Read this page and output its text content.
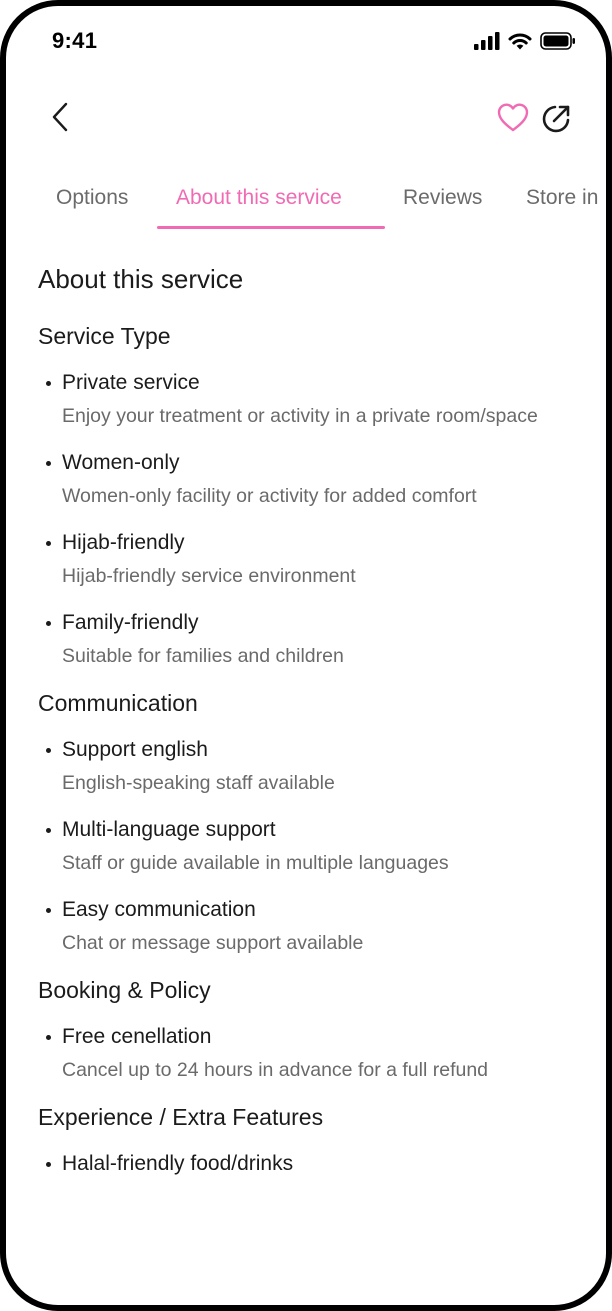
9:41
Options About this service	Reviews Store in
About this service
Service Type
Private service
Enjoy your treatment or activity in a private room/space
Women-only
Women-only facility or activity for added comfort
Hijab-friendly
Hijab-friendly service environment
Family-friendly
Suitable for families and children
Communication
Support english
English-speaking staff available
Multi-language support
Staff or guide available in multiple languages
Easy communication
Chat or message support available
Booking & Policy
Free cenellation
Cancel up to 24 hours in advance for a full refund
Experience / Extra Features
Halal-friendly food/drinks
